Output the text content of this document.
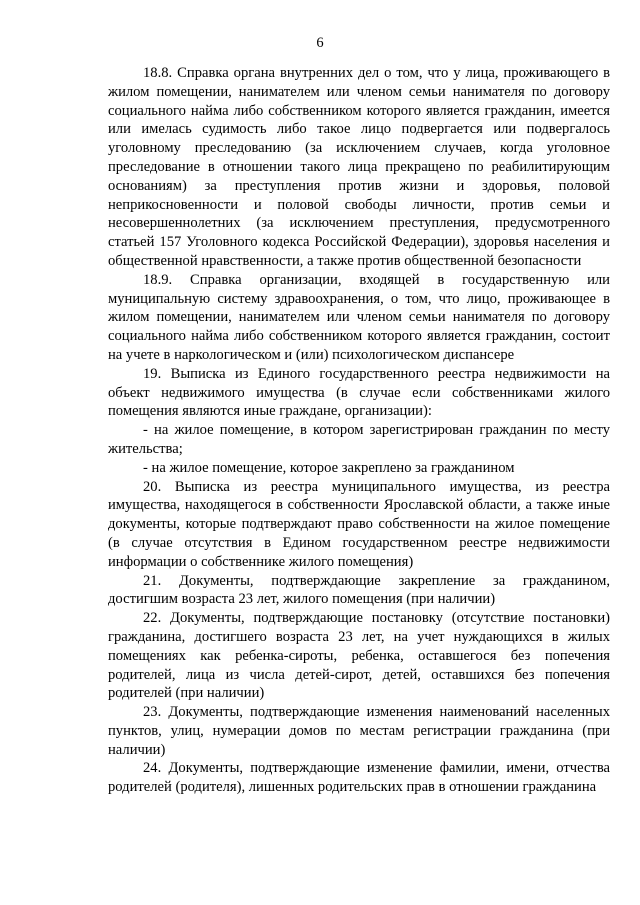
6

18.8. Справка органа внутренних дел о том, что у лица, проживающего в жилом помещении, нанимателем или членом семьи нанимателя по договору социального найма либо собственником которого является гражданин, имеется или имелась судимость либо такое лицо подвергается или подвергалось уголовному преследованию (за исключением случаев, когда уголовное преследование в отношении такого лица прекращено по реабилитирующим основаниям) за преступления против жизни и здоровья, половой неприкосновенности и половой свободы личности, против семьи и несовершеннолетних (за исключением преступления, предусмотренного статьей 157 Уголовного кодекса Российской Федерации), здоровья населения и общественной нравственности, а также против общественной безопасности

18.9. Справка организации, входящей в государственную или муниципальную систему здравоохранения, о том, что лицо, проживающее в жилом помещении, нанимателем или членом семьи нанимателя по договору социального найма либо собственником которого является гражданин, состоит на учете в наркологическом и (или) психологическом диспансере

19. Выписка из Единого государственного реестра недвижимости на объект недвижимого имущества (в случае если собственниками жилого помещения являются иные граждане, организации):

- на жилое помещение, в котором зарегистрирован гражданин по месту жительства;

- на жилое помещение, которое закреплено за гражданином

20. Выписка из реестра муниципального имущества, из реестра имущества, находящегося в собственности Ярославской области, а также иные документы, которые подтверждают право собственности на жилое помещение (в случае отсутствия в Едином государственном реестре недвижимости информации о собственнике жилого помещения)

21. Документы, подтверждающие закрепление за гражданином, достигшим возраста 23 лет, жилого помещения (при наличии)

22. Документы, подтверждающие постановку (отсутствие постановки) гражданина, достигшего возраста 23 лет, на учет нуждающихся в жилых помещениях как ребенка-сироты, ребенка, оставшегося без попечения родителей, лица из числа детей-сирот, детей, оставшихся без попечения родителей (при наличии)

23. Документы, подтверждающие изменения наименований населенных пунктов, улиц, нумерации домов по местам регистрации гражданина (при наличии)

24. Документы, подтверждающие изменение фамилии, имени, отчества родителей (родителя), лишенных родительских прав в отношении гражданина
